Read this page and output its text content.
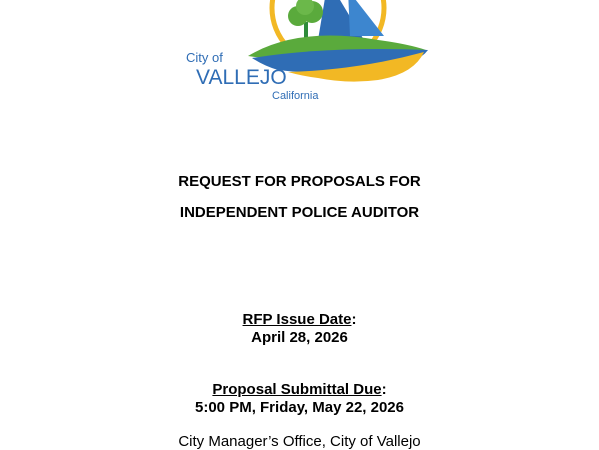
City of
VALLEJO
California
REQUEST FOR PROPOSALS FOR
INDEPENDENT POLICE AUDITOR
RFP Issue Date:
April 28, 2026
Proposal Submittal Due:
5:00 PM, Friday, May 22, 2026
City Manager’s Office, City of Vallejo
